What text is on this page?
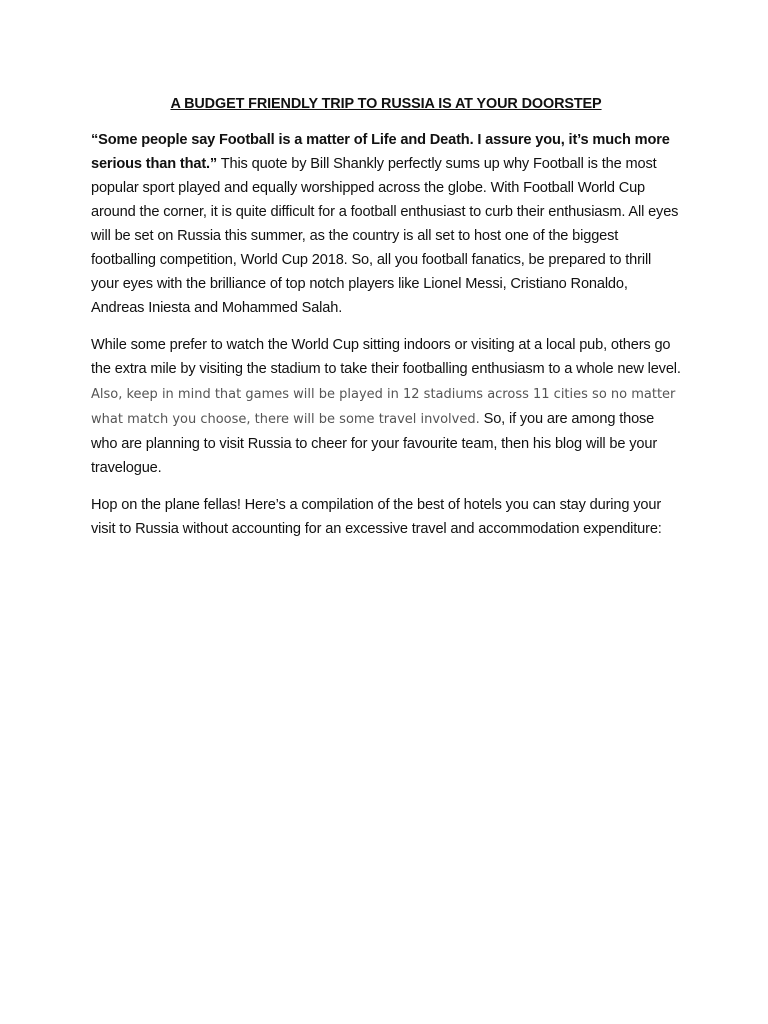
A BUDGET FRIENDLY TRIP TO RUSSIA IS AT YOUR DOORSTEP

“Some people say Football is a matter of Life and Death. I assure you, it’s much more serious than that.” This quote by Bill Shankly perfectly sums up why Football is the most popular sport played and equally worshipped across the globe. With Football World Cup around the corner, it is quite difficult for a football enthusiast to curb their enthusiasm. All eyes will be set on Russia this summer, as the country is all set to host one of the biggest footballing competition, World Cup 2018. So, all you football fanatics, be prepared to thrill your eyes with the brilliance of top notch players like Lionel Messi, Cristiano Ronaldo, Andreas Iniesta and Mohammed Salah.

While some prefer to watch the World Cup sitting indoors or visiting at a local pub, others go the extra mile by visiting the stadium to take their footballing enthusiasm to a whole new level. Also, keep in mind that games will be played in 12 stadiums across 11 cities so no matter what match you choose, there will be some travel involved. So, if you are among those who are planning to visit Russia to cheer for your favourite team, then his blog will be your travelogue.

Hop on the plane fellas! Here’s a compilation of the best of hotels you can stay during your visit to Russia without accounting for an excessive travel and accommodation expenditure:
